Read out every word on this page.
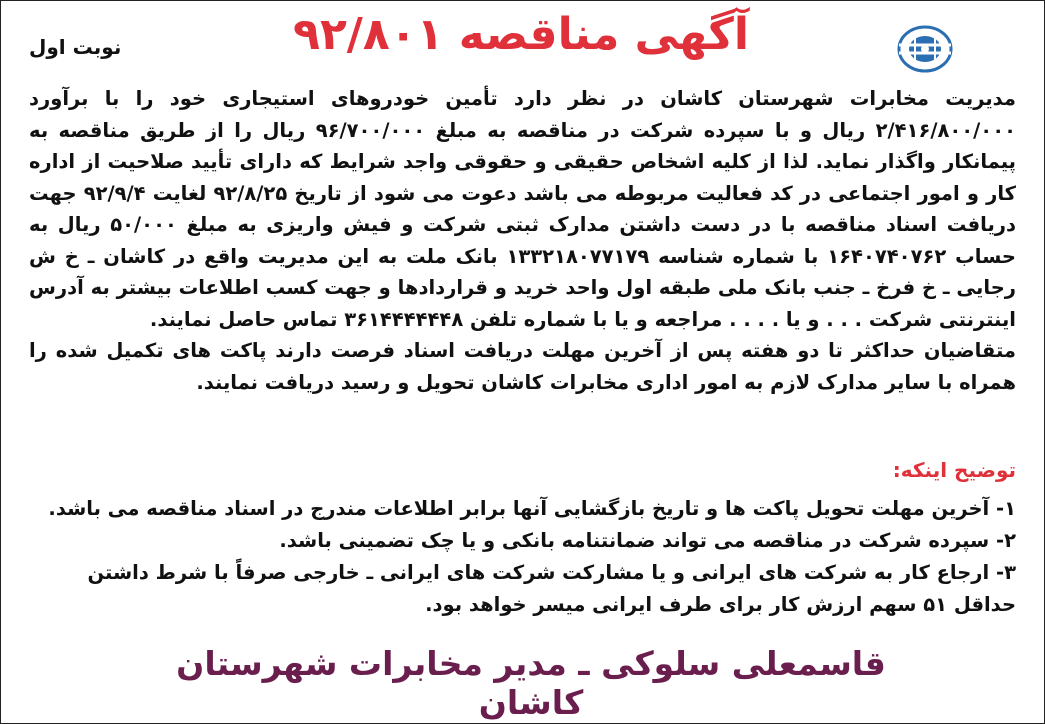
نوبت اول	آگهی مناقصه ۹۲/۸۰۱

مدیریت مخابرات شهرستان کاشان در نظر دارد تأمین خودروهای استیجاری خود را با برآورد ۲/۴۱۶/۸۰۰/۰۰۰ ریال و با سپرده شرکت در مناقصه به مبلغ ۹۶/۷۰۰/۰۰۰ ریال را از طریق مناقصه به پیمانکار واگذار نماید. لذا از کلیه اشخاص حقیقی و حقوقی واجد شرایط که دارای تأیید صلاحیت از اداره کار و امور اجتماعی در کد فعالیت مربوطه می باشد دعوت می شود از تاریخ ۹۲/۸/۲۵ لغایت ۹۲/۹/۴ جهت دریافت اسناد مناقصه با در دست داشتن مدارک ثبتی شرکت و فیش واریزی به مبلغ ۵۰/۰۰۰ ریال به حساب ۱۶۴۰۷۴۰۷۶۲ با شماره شناسه ۱۳۳۲۱۸۰۷۷۱۷۹ بانک ملت به این مدیریت واقع در کاشان ـ خ ش رجایی ـ خ فرخ ـ جنب بانک ملی طبقه اول واحد خرید و قراردادها و جهت کسب اطلاعات بیشتر به آدرس اینترنتی شرکت . . . و یا . . . . مراجعه و یا با شماره تلفن ۳۶۱۴۴۴۴۴۴۸ تماس حاصل نمایند.

متقاضیان حداکثر تا دو هفته پس از آخرین مهلت دریافت اسناد فرصت دارند پاکت های تکمیل شده را همراه با سایر مدارک لازم به امور اداری مخابرات کاشان تحویل و رسید دریافت نمایند.

توضیح اینکه:

۱- آخرین مهلت تحویل پاکت ها و تاریخ بازگشایی آنها برابر اطلاعات مندرج در اسناد مناقصه می باشد.

۲- سپرده شرکت در مناقصه می تواند ضمانتنامه بانکی و یا چک تضمینی باشد.

۳- ارجاع کار به شرکت های ایرانی و یا مشارکت شرکت های ایرانی ـ خارجی صرفاً با شرط داشتن حداقل ۵۱ سهم ارزش کار برای طرف ایرانی میسر خواهد بود.

قاسمعلی سلوکی ـ مدیر مخابرات شهرستان کاشان
